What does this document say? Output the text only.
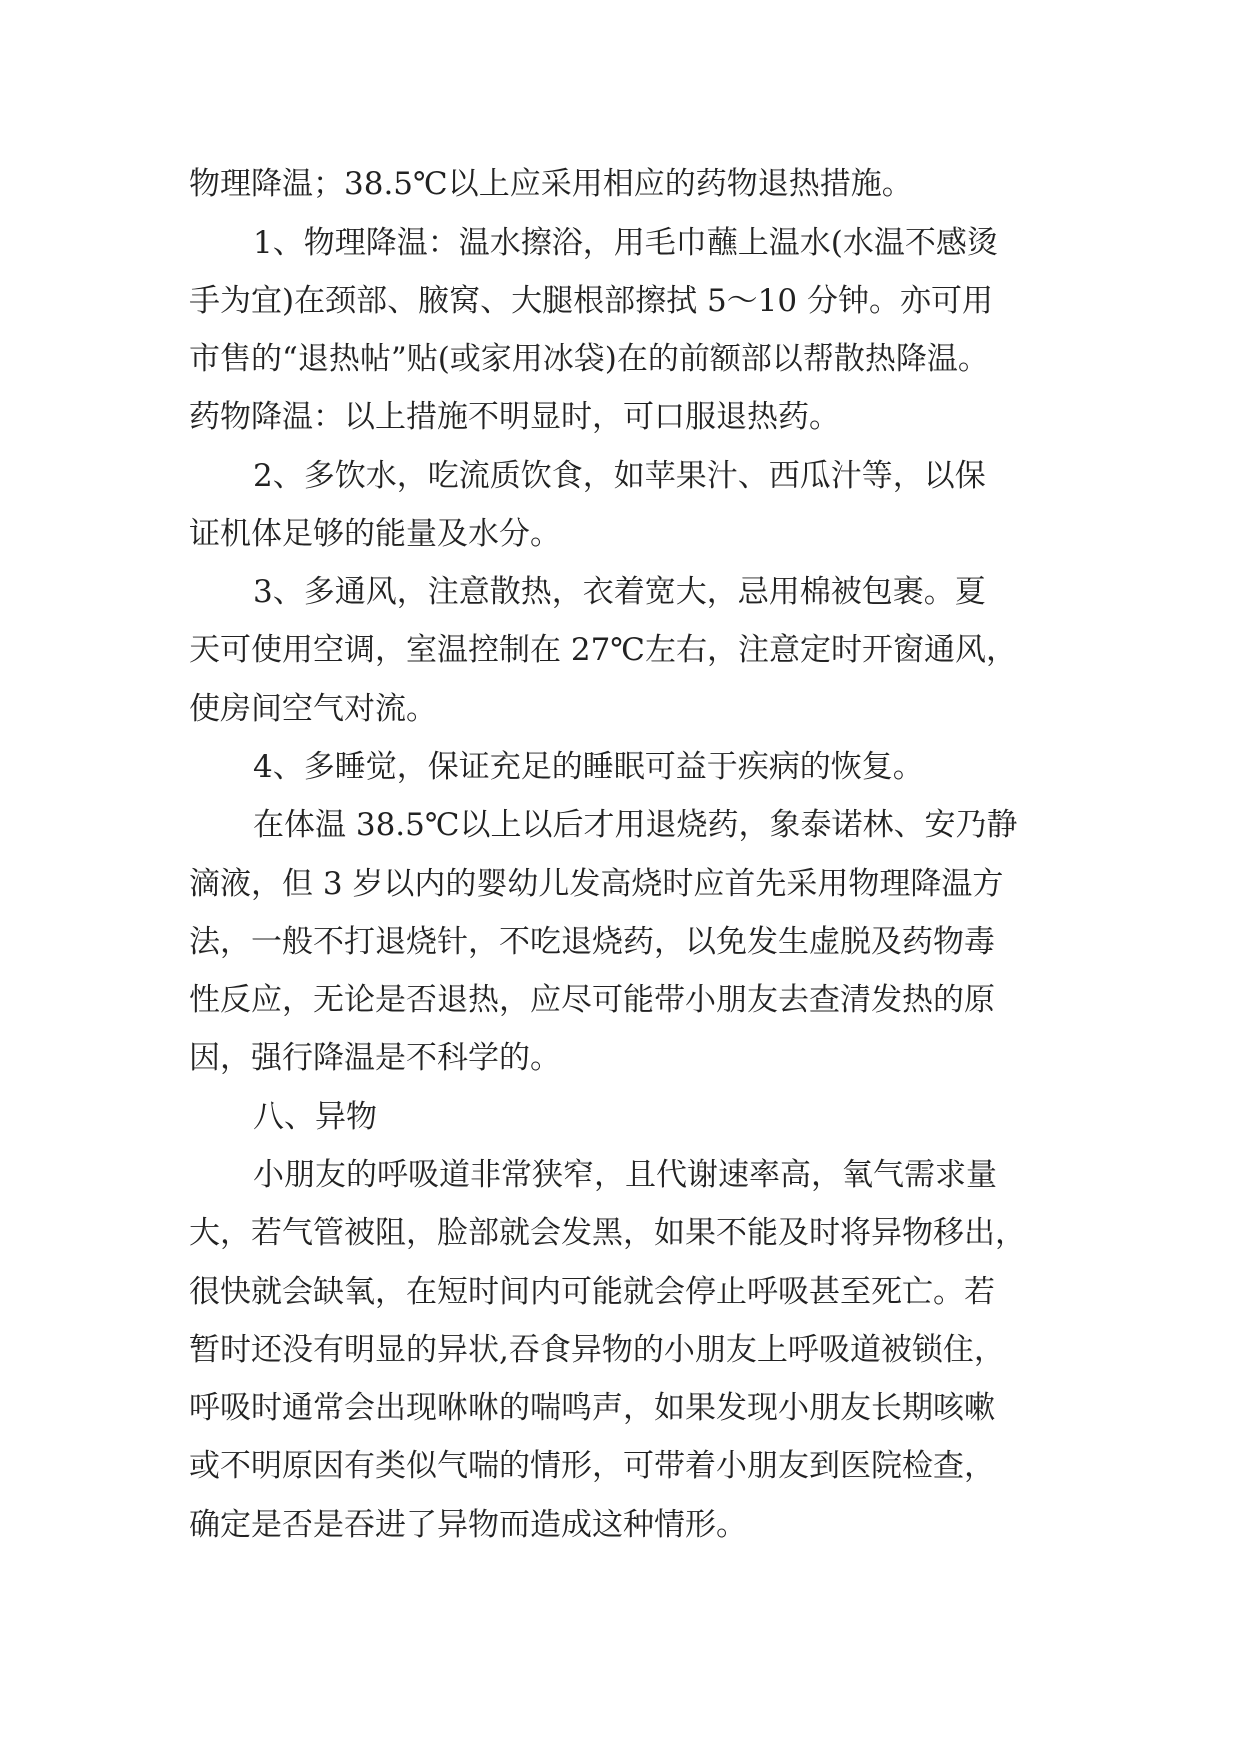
物理降温；38.5℃以上应采用相应的药物退热措施。
1、物理降温：温水擦浴，用毛巾蘸上温水(水温不感烫
手为宜)在颈部、腋窝、大腿根部擦拭 5～10 分钟。亦可用
市售的“退热帖”贴(或家用冰袋)在的前额部以帮散热降温。
药物降温：以上措施不明显时，可口服退热药。
2、多饮水，吃流质饮食，如苹果汁、西瓜汁等，以保
证机体足够的能量及水分。
3、多通风，注意散热，衣着宽大，忌用棉被包裹。夏
天可使用空调，室温控制在 27℃左右，注意定时开窗通风，
使房间空气对流。
4、多睡觉，保证充足的睡眠可益于疾病的恢复。
在体温 38.5℃以上以后才用退烧药，象泰诺林、安乃静
滴液，但 3 岁以内的婴幼儿发高烧时应首先采用物理降温方
法，一般不打退烧针，不吃退烧药，以免发生虚脱及药物毒
性反应，无论是否退热，应尽可能带小朋友去查清发热的原
因，强行降温是不科学的。
八、异物
小朋友的呼吸道非常狭窄，且代谢速率高，氧气需求量
大，若气管被阻，脸部就会发黑，如果不能及时将异物移出，
很快就会缺氧，在短时间内可能就会停止呼吸甚至死亡。若
暂时还没有明显的异状,吞食异物的小朋友上呼吸道被锁住，
呼吸时通常会出现咻咻的喘鸣声，如果发现小朋友长期咳嗽
或不明原因有类似气喘的情形，可带着小朋友到医院检查，
确定是否是吞进了异物而造成这种情形。
